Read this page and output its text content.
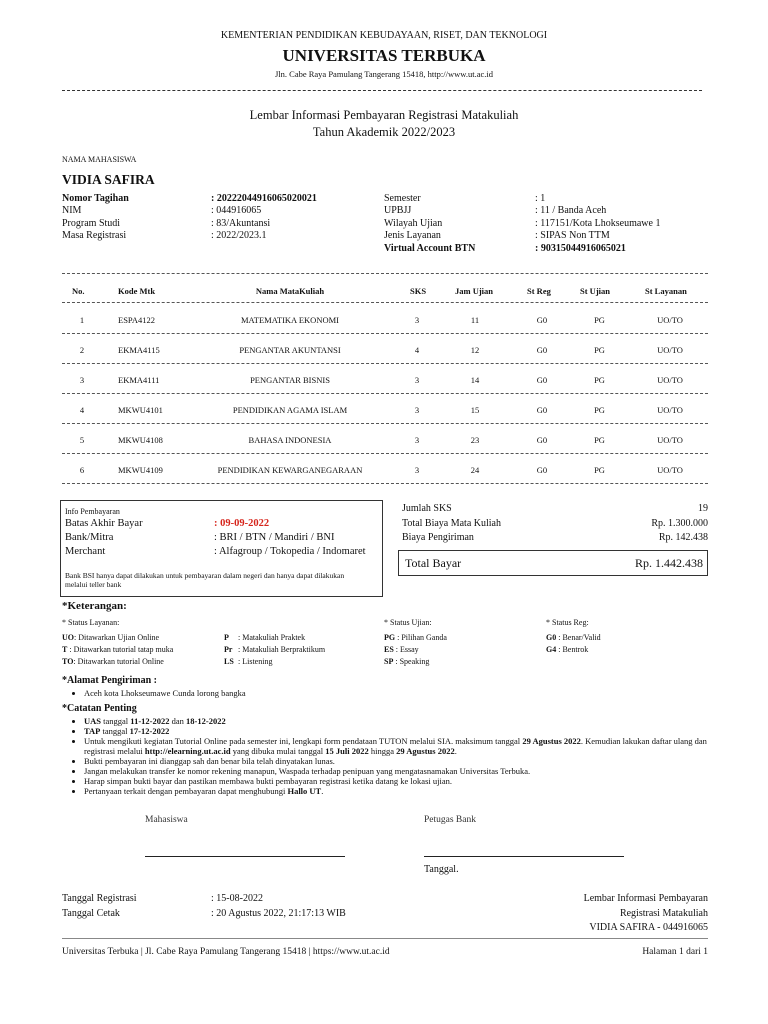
KEMENTERIAN PENDIDIKAN KEBUDAYAAN, RISET, DAN TEKNOLOGI
UNIVERSITAS TERBUKA
Jln. Cabe Raya Pamulang Tangerang 15418, http://www.ut.ac.id
Lembar Informasi Pembayaran Registrasi Matakuliah
Tahun Akademik 2022/2023
NAMA MAHASISWA
VIDIA SAFIRA
Nomor Tagihan	: 20222044916065020021
NIM	: 044916065
Program Studi	: 83/Akuntansi
Masa Registrasi	: 2022/2023.1
Semester	: 1
UPBJJ	: 11 / Banda Aceh
Wilayah Ujian	: 117151/Kota Lhokseumawe 1
Jenis Layanan	: SIPAS Non TTM
Virtual Account BTN	: 90315044916065021
No.	Kode Mtk	Nama MataKuliah	SKS	Jam Ujian	St Reg	St Ujian	St Layanan
1	ESPA4122	MATEMATIKA EKONOMI	3	11	G0	PG	UO/TO
2	EKMA4115	PENGANTAR AKUNTANSI	4	12	G0	PG	UO/TO
3	EKMA4111	PENGANTAR BISNIS	3	14	G0	PG	UO/TO
4	MKWU4101	PENDIDIKAN AGAMA ISLAM	3	15	G0	PG	UO/TO
5	MKWU4108	BAHASA INDONESIA	3	23	G0	PG	UO/TO
6	MKWU4109	PENDIDIKAN KEWARGANEGARAAN	3	24	G0	PG	UO/TO
Info Pembayaran
Batas Akhir Bayar	: 09-09-2022
Bank/Mitra	: BRI / BTN / Mandiri / BNI
Merchant	: Alfagroup / Tokopedia / Indomaret
Bank BSI hanya dapat dilakukan untuk pembayaran dalam negeri dan hanya dapat dilakukan melalui teller bank
Jumlah SKS	19
Total Biaya Mata Kuliah	Rp. 1.300.000
Biaya Pengiriman	Rp. 142.438
Total Bayar	Rp. 1.442.438
*Keterangan:
* Status Layanan:
UO: Ditawarkan Ujian Online
T : Ditawarkan tutorial tatap muka
TO: Ditawarkan tutorial Online
P : Matakuliah Praktek
Pr : Matakuliah Berpraktikum
LS : Listening
* Status Ujian:
PG : Pilihan Ganda
ES : Essay
SP : Speaking
* Status Reg:
G0 : Benar/Valid
G4 : Bentrok
*Alamat Pengiriman :
• Aceh kota Lhokseumawe Cunda lorong bangka
*Catatan Penting
• UAS tanggal 11-12-2022 dan 18-12-2022
• TAP tanggal 17-12-2022
• Untuk mengikuti kegiatan Tutorial Online pada semester ini, lengkapi form pendataan TUTON melalui SIA. maksimum tanggal 29 Agustus 2022. Kemudian lakukan daftar ulang dan registrasi melalui http://elearning.ut.ac.id yang dibuka mulai tanggal 15 Juli 2022 hingga 29 Agustus 2022.
• Bukti pembayaran ini dianggap sah dan benar bila telah dinyatakan lunas.
• Jangan melakukan transfer ke nomor rekening manapun, Waspada terhadap penipuan yang mengatasnamakan Universitas Terbuka.
• Harap simpan bukti bayar dan pastikan membawa bukti pembayaran registrasi ketika datang ke lokasi ujian.
• Pertanyaan terkait dengan pembayaran dapat menghubungi Hallo UT.
Mahasiswa	Petugas Bank
Tanggal.
Tanggal Registrasi	: 15-08-2022
Tanggal Cetak	: 20 Agustus 2022, 21:17:13 WIB
Lembar Informasi Pembayaran
Registrasi Matakuliah
VIDIA SAFIRA - 044916065
Universitas Terbuka | Jl. Cabe Raya Pamulang Tangerang 15418 | https://www.ut.ac.id	Halaman 1 dari 1
